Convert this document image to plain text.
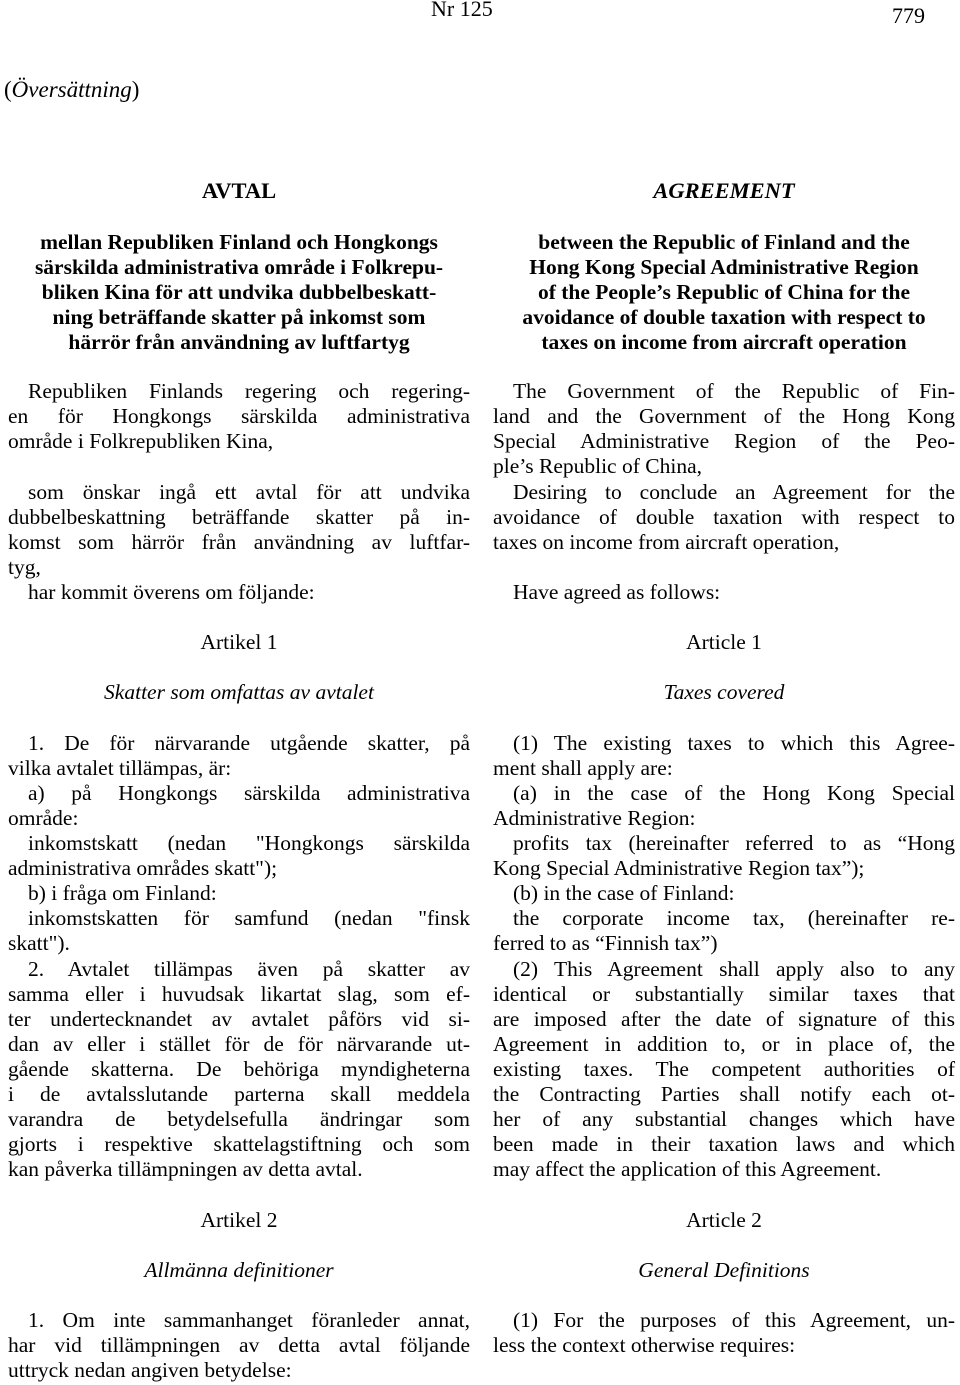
Nr 125	779
(Översättning)
AVTAL
mellan Republiken Finland och Hongkongs
särskilda administrativa område i Folkrepu-
bliken Kina för att undvika dubbelbeskatt-
ning beträffande skatter på inkomst som
härrör från användning av luftfartyg
Republiken Finlands regering och regering-
en för Hongkongs särskilda administrativa
område i Folkrepubliken Kina,
som önskar ingå ett avtal för att undvika
dubbelbeskattning beträffande skatter på in-
komst som härrör från användning av luftfar-
tyg,
har kommit överens om följande:
Artikel 1
Skatter som omfattas av avtalet
1. De för närvarande utgående skatter, på
vilka avtalet tillämpas, är:
a) på Hongkongs särskilda administrativa
område:
inkomstskatt (nedan "Hongkongs särskilda
administrativa områdes skatt");
b) i fråga om Finland:
inkomstskatten för samfund (nedan "finsk
skatt").
2. Avtalet tillämpas även på skatter av
samma eller i huvudsak likartat slag, som ef-
ter undertecknandet av avtalet påförs vid si-
dan av eller i stället för de för närvarande ut-
gående skatterna. De behöriga myndigheterna
i de avtalsslutande parterna skall meddela
varandra de betydelsefulla ändringar som
gjorts i respektive skattelagstiftning och som
kan påverka tillämpningen av detta avtal.
Artikel 2
Allmänna definitioner
1. Om inte sammanhanget föranleder annat,
har vid tillämpningen av detta avtal följande
uttryck nedan angiven betydelse:
AGREEMENT
between the Republic of Finland and the
Hong Kong Special Administrative Region
of the People’s Republic of China for the
avoidance of double taxation with respect to
taxes on income from aircraft operation
The Government of the Republic of Fin-
land and the Government of the Hong Kong
Special Administrative Region of the Peo-
ple’s Republic of China,
Desiring to conclude an Agreement for the
avoidance of double taxation with respect to
taxes on income from aircraft operation,
Have agreed as follows:
Article 1
Taxes covered
(1) The existing taxes to which this Agree-
ment shall apply are:
(a) in the case of the Hong Kong Special
Administrative Region:
profits tax (hereinafter referred to as “Hong
Kong Special Administrative Region tax”);
(b) in the case of Finland:
the corporate income tax, (hereinafter re-
ferred to as “Finnish tax”)
(2) This Agreement shall apply also to any
identical or substantially similar taxes that
are imposed after the date of signature of this
Agreement in addition to, or in place of, the
existing taxes. The competent authorities of
the Contracting Parties shall notify each ot-
her of any substantial changes which have
been made in their taxation laws and which
may affect the application of this Agreement.
Article 2
General Definitions
(1) For the purposes of this Agreement, un-
less the context otherwise requires:
